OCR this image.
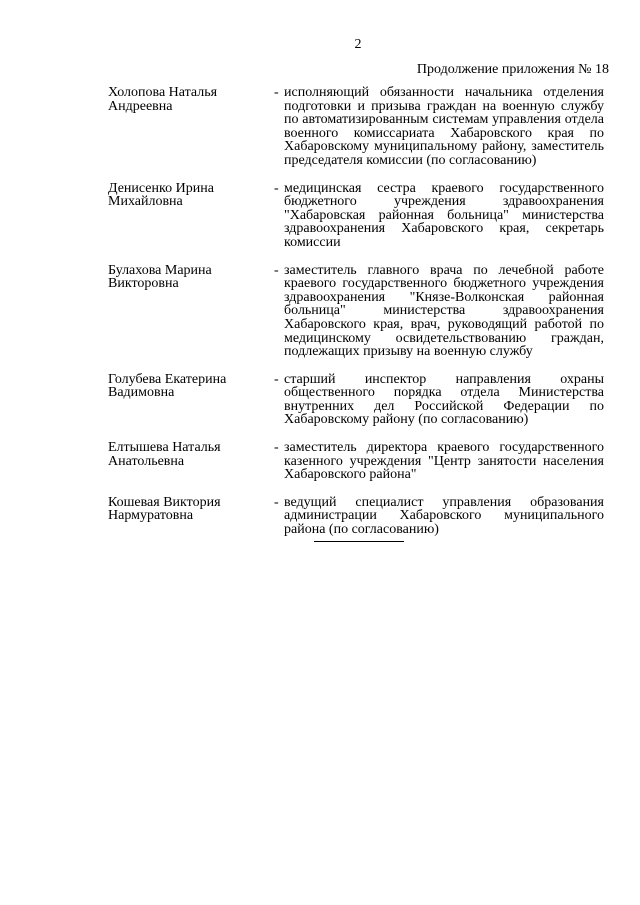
2
Продолжение приложения № 18
Холопова Наталья Андреевна
- исполняющий обязанности начальника отделения подготовки и призыва граждан на военную службу по автоматизированным системам управления отдела военного комиссариата Хабаровского края по Хабаровскому муниципальному району, заместитель председателя комиссии (по согласованию)
Денисенко Ирина Михайловна
- медицинская сестра краевого государственного бюджетного учреждения здравоохранения "Хабаровская районная больница" министерства здравоохранения Хабаровского края, секретарь комиссии
Булахова Марина Викторовна
- заместитель главного врача по лечебной работе краевого государственного бюджетного учреждения здравоохранения "Князе-Волконская районная больница" министерства здравоохранения Хабаровского края, врач, руководящий работой по медицинскому освидетельствованию граждан, подлежащих призыву на военную службу
Голубева Екатерина Вадимовна
- старший инспектор направления охраны общественного порядка отдела Министерства внутренних дел Российской Федерации по Хабаровскому району (по согласованию)
Елтышева Наталья Анатольевна
- заместитель директора краевого государственного казенного учреждения "Центр занятости населения Хабаровского района"
Кошевая Виктория Нармуратовна
- ведущий специалист управления образования администрации Хабаровского муниципального района (по согласованию)
